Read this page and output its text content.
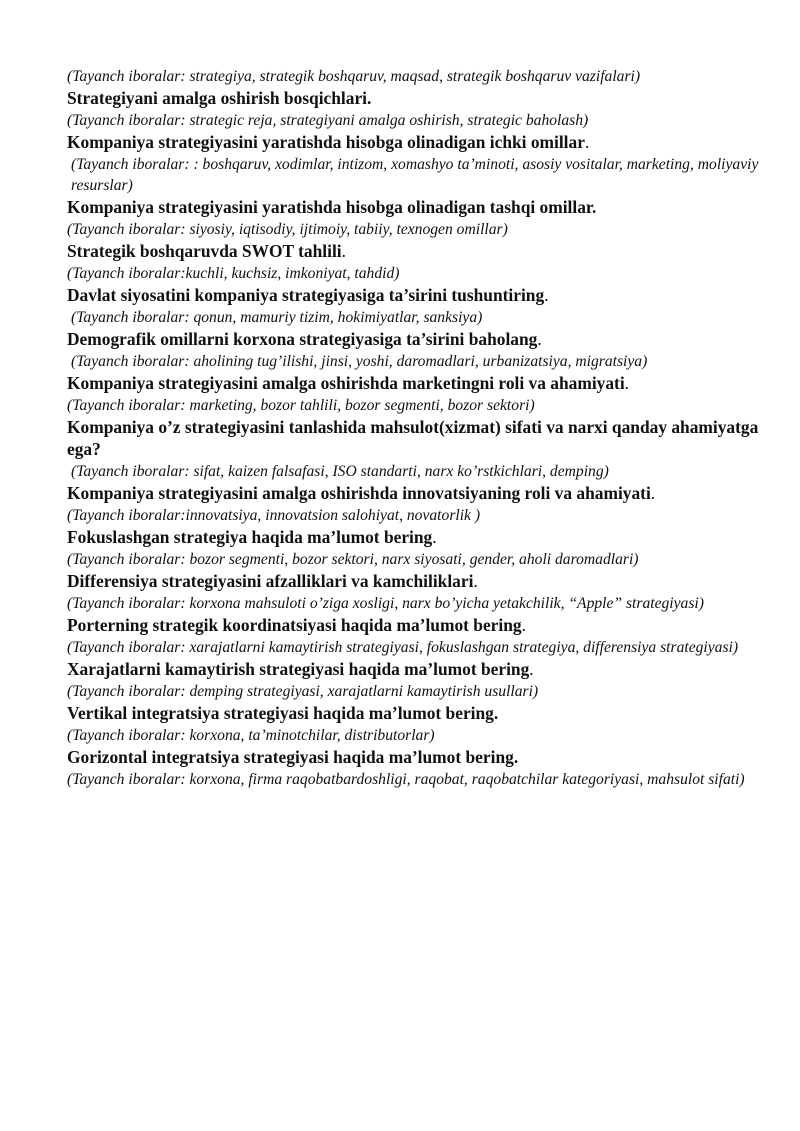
(Tayanch iboralar: strategiya, strategik boshqaruv, maqsad, strategik boshqaruv vazifalari)

Strategiyani amalga oshirish bosqichlari.

(Tayanch iboralar: strategic reja, strategiyani amalga oshirish, strategic baholash)

Kompaniya strategiyasini yaratishda hisobga olinadigan ichki omillar.

(Tayanch iboralar: : boshqaruv, xodimlar, intizom, xomashyo ta’minoti, asosiy vositalar, marketing, moliyaviy resurslar)

Kompaniya strategiyasini yaratishda hisobga olinadigan tashqi omillar.

(Tayanch iboralar: siyosiy, iqtisodiy, ijtimoiy, tabiiy, texnogen omillar)

Strategik boshqaruvda SWOT tahlili.

(Tayanch iboralar:kuchli, kuchsiz, imkoniyat, tahdid)

Davlat siyosatini kompaniya strategiyasiga ta’sirini tushuntiring.

(Tayanch iboralar: qonun, mamuriy tizim, hokimiyatlar, sanksiya)

Demografik omillarni korxona strategiyasiga ta’sirini baholang.

(Tayanch iboralar: aholining tug’ilishi, jinsi, yoshi, daromadlari, urbanizatsiya, migratsiya)

Kompaniya strategiyasini amalga oshirishda marketingni roli va ahamiyati.

(Tayanch iboralar: marketing, bozor tahlili, bozor segmenti, bozor sektori)

Kompaniya o’z strategiyasini tanlashida mahsulot(xizmat) sifati va narxi qanday ahamiyatga ega?

(Tayanch iboralar: sifat, kaizen falsafasi, ISO standarti, narx ko’rstkichlari, demping)

Kompaniya strategiyasini amalga oshirishda innovatsiyaning roli va ahamiyati.

(Tayanch iboralar:innovatsiya, innovatsion salohiyat, novatorlik )

Fokuslashgan strategiya haqida ma’lumot bering.

(Tayanch iboralar: bozor segmenti, bozor sektori, narx siyosati, gender, aholi daromadlari)

Differensiya strategiyasini afzalliklari va kamchiliklari.

(Tayanch iboralar: korxona mahsuloti o’ziga xosligi, narx bo’yicha yetakchilik, “Apple” strategiyasi)

Porterning strategik koordinatsiyasi haqida ma’lumot bering.

(Tayanch iboralar: xarajatlarni kamaytirish strategiyasi, fokuslashgan strategiya, differensiya strategiyasi)

Xarajatlarni kamaytirish strategiyasi haqida ma’lumot bering.

(Tayanch iboralar: demping strategiyasi, xarajatlarni kamaytirish usullari)

Vertikal integratsiya strategiyasi haqida ma’lumot bering.

(Tayanch iboralar: korxona, ta’minotchilar, distributorlar)

Gorizontal integratsiya strategiyasi haqida ma’lumot bering.

(Tayanch iboralar: korxona, firma raqobatbardoshligi, raqobat, raqobatchilar kategoriyasi, mahsulot sifati)
